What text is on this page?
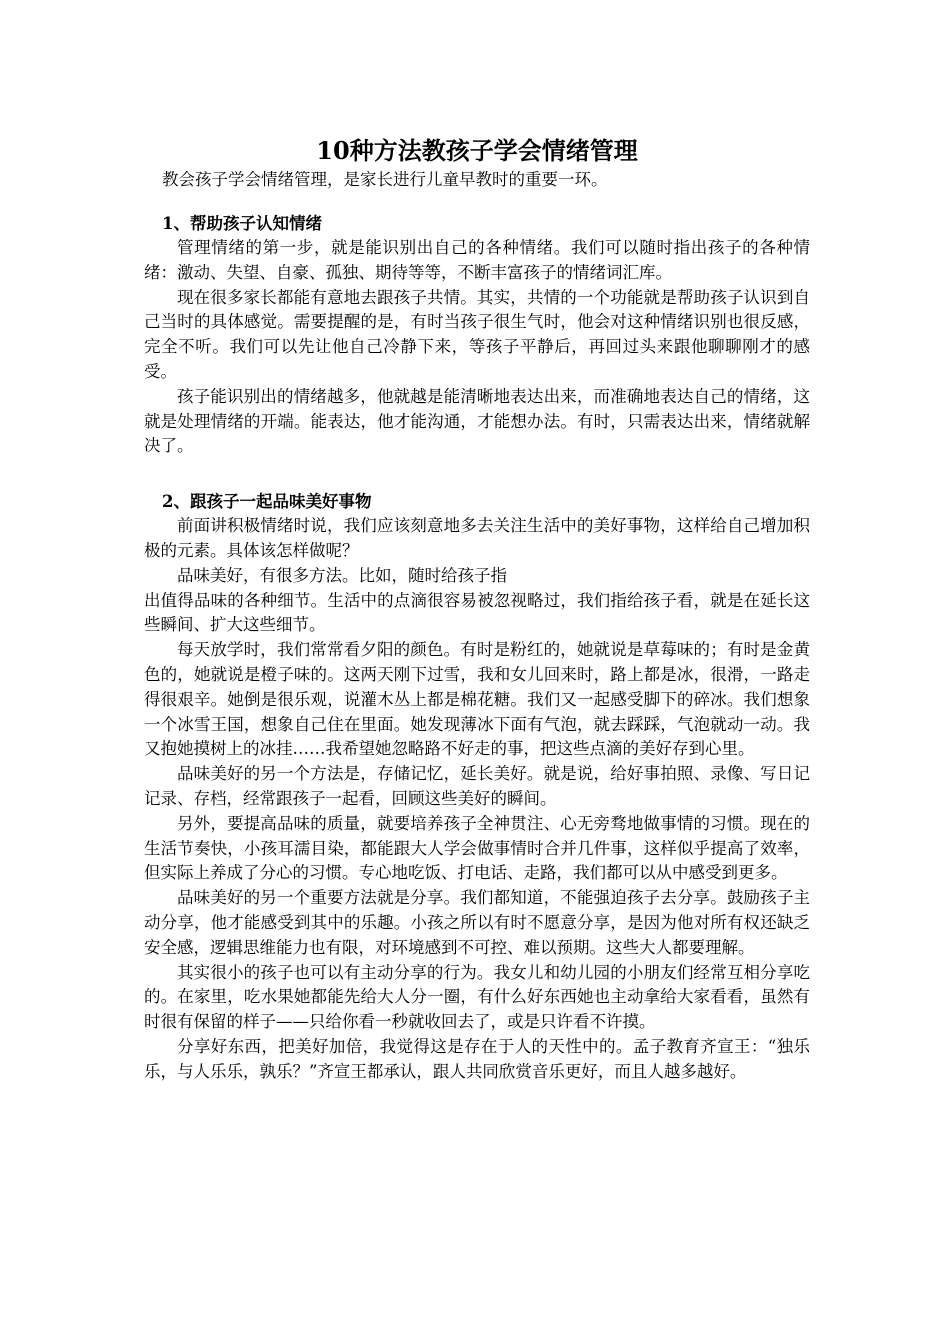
10种方法教孩子学会情绪管理

教会孩子学会情绪管理，是家长进行儿童早教时的重要一环。

1、帮助孩子认知情绪

管理情绪的第一步，就是能识别出自己的各种情绪。我们可以随时指出孩子的各种情绪：激动、失望、自豪、孤独、期待等等，不断丰富孩子的情绪词汇库。

现在很多家长都能有意地去跟孩子共情。其实，共情的一个功能就是帮助孩子认识到自己当时的具体感觉。需要提醒的是，有时当孩子很生气时，他会对这种情绪识别也很反感，完全不听。我们可以先让他自己冷静下来，等孩子平静后，再回过头来跟他聊聊刚才的感受。

孩子能识别出的情绪越多，他就越是能清晰地表达出来，而准确地表达自己的情绪，这就是处理情绪的开端。能表达，他才能沟通，才能想办法。有时，只需表达出来，情绪就解决了。

2、跟孩子一起品味美好事物

前面讲积极情绪时说，我们应该刻意地多去关注生活中的美好事物，这样给自己增加积极的元素。具体该怎样做呢？

品味美好，有很多方法。比如，随时给孩子指

出值得品味的各种细节。生活中的点滴很容易被忽视略过，我们指给孩子看，就是在延长这些瞬间、扩大这些细节。

每天放学时，我们常常看夕阳的颜色。有时是粉红的，她就说是草莓味的；有时是金黄色的，她就说是橙子味的。这两天刚下过雪，我和女儿回来时，路上都是冰，很滑，一路走得很艰辛。她倒是很乐观，说灌木丛上都是棉花糖。我们又一起感受脚下的碎冰。我们想象一个冰雪王国，想象自己住在里面。她发现薄冰下面有气泡，就去踩踩，气泡就动一动。我又抱她摸树上的冰挂……我希望她忽略路不好走的事，把这些点滴的美好存到心里。

品味美好的另一个方法是，存储记忆，延长美好。就是说，给好事拍照、录像、写日记记录、存档，经常跟孩子一起看，回顾这些美好的瞬间。

另外，要提高品味的质量，就要培养孩子全神贯注、心无旁骛地做事情的习惯。现在的生活节奏快，小孩耳濡目染，都能跟大人学会做事情时合并几件事，这样似乎提高了效率，但实际上养成了分心的习惯。专心地吃饭、打电话、走路，我们都可以从中感受到更多。

品味美好的另一个重要方法就是分享。我们都知道，不能强迫孩子去分享。鼓励孩子主动分享，他才能感受到其中的乐趣。小孩之所以有时不愿意分享，是因为他对所有权还缺乏安全感，逻辑思维能力也有限，对环境感到不可控、难以预期。这些大人都要理解。

其实很小的孩子也可以有主动分享的行为。我女儿和幼儿园的小朋友们经常互相分享吃的。在家里，吃水果她都能先给大人分一圈，有什么好东西她也主动拿给大家看看，虽然有时很有保留的样子——只给你看一秒就收回去了，或是只许看不许摸。

分享好东西，把美好加倍，我觉得这是存在于人的天性中的。孟子教育齐宣王：“独乐乐，与人乐乐，孰乐？”齐宣王都承认，跟人共同欣赏音乐更好，而且人越多越好。
